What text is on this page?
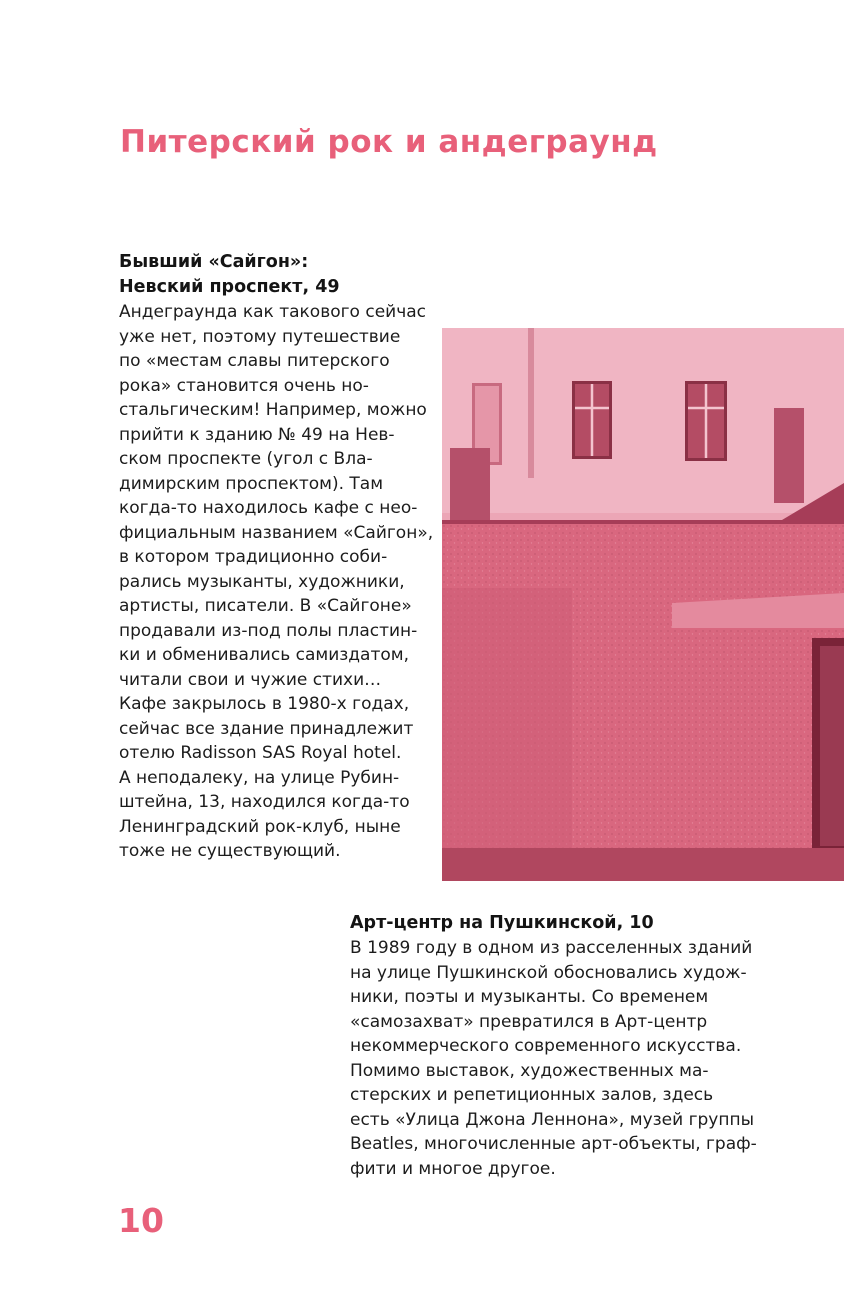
Питерский рок и андеграунд

Бывший «Сайгон»:

Невский проспект, 49

Андеграунда как такового сейчас

уже нет, поэтому путешествие

по «местам славы питерского

рока» становится очень но-

стальгическим! Например, можно

прийти к зданию № 49 на Нев-

ском проспекте (угол с Вла-

димирским проспектом). Там

когда-то находилось кафе с нео-

фициальным названием «Сайгон»,

в котором традиционно соби-

рались музыканты, художники,

артисты, писатели. В «Сайгоне»

продавали из-под полы пластин-

ки и обменивались самиздатом,

читали свои и чужие стихи…

Кафе закрылось в 1980-х годах,

сейчас все здание принадлежит

отелю Radisson SAS Royal hotel.

А неподалеку, на улице Рубин-

штейна, 13, находился когда-то

Ленинградский рок-клуб, ныне

тоже не существующий.

Арт-центр на Пушкинской, 10

В 1989 году в одном из расселенных зданий

на улице Пушкинской обосновались худож-

ники, поэты и музыканты. Со временем

«самозахват» превратился в Арт-центр

некоммерческого современного искусства.

Помимо выставок, художественных ма-

стерских и репетиционных залов, здесь

есть «Улица Джона Леннона», музей группы

Beatles, многочисленные арт-объекты, граф-

фити и многое другое.

10
